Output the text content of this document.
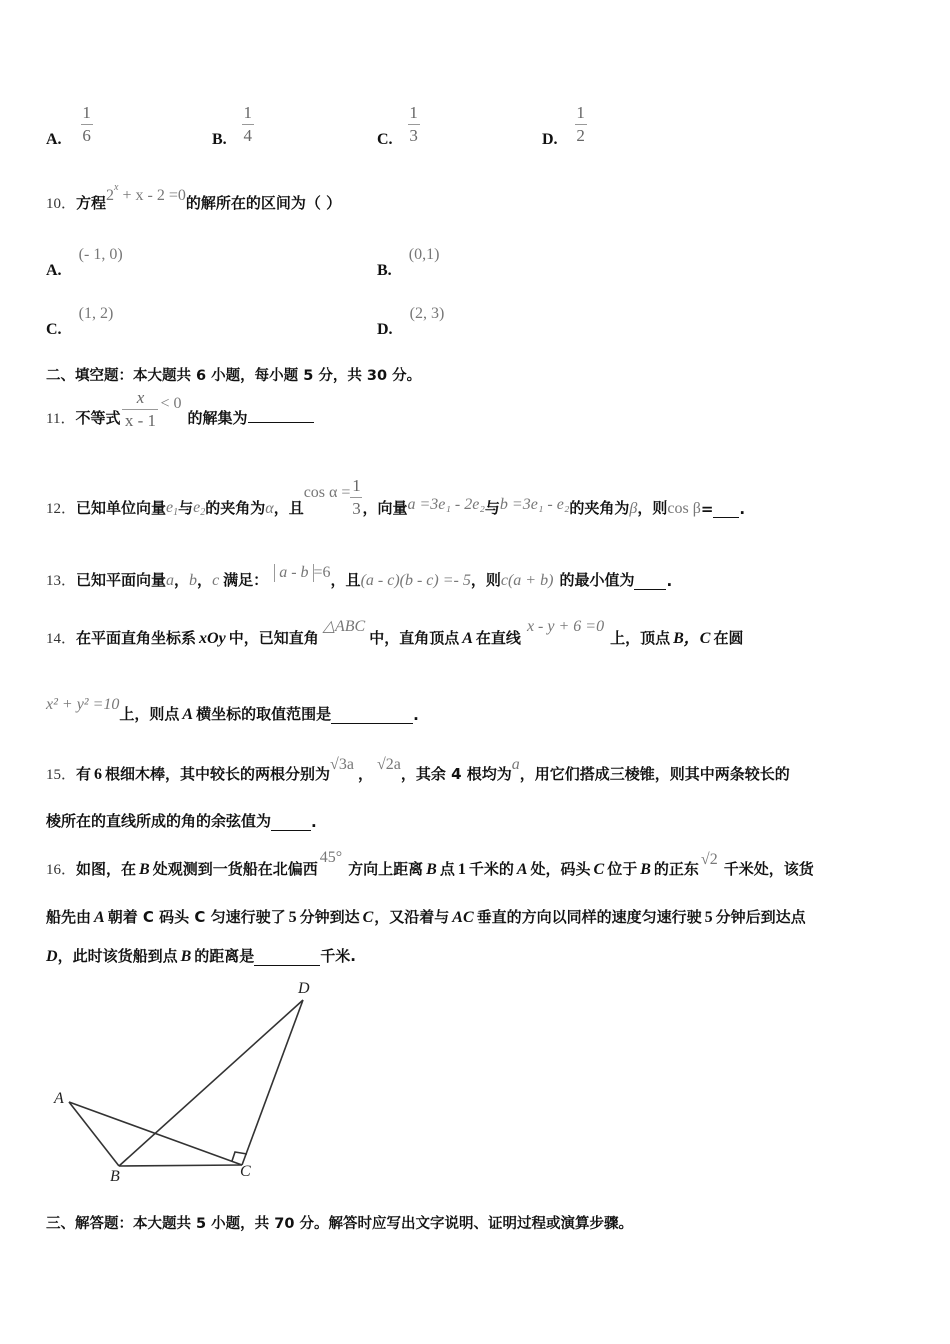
A. $\frac{1}{6}$	B. $\frac{1}{4}$	C. $\frac{1}{3}$	D. $\frac{1}{2}$
10．方程$2^x + x - 2 =0$的解所在的区间为（ ）
A. (- 1, 0)
B. (0,1)
C. (1, 2)
D. (2, 3)
二、填空题：本大题共 6 小题，每小题 5 分，共 30 分。
11． 不等式 $\frac{x}{x - 1} < 0$
的解集为
12． 已知单位向量 $e_1$ 与 $e_2$ 的夹角为 α ，且
$\cos \alpha = \frac{1}{3}$ ，向量 a =3e₁ - 2e₂ 与 b =3e₁ - e₂ 的夹角为 β ，则 cos β = .
13． 已知平面向量 a ， b ， c 满足： a - b =6 ，且 (a - c)(b - c) =- 5 ，则 c(a + b) 的最小值为 .
14． 在平面直角坐标系 xOy 中，已知直角
△ABC
中，直角顶点 A 在直线
x - y + 6 =0
上，顶点 B，C 在圆
x² + y² =10
上，则点 A 横坐标的取值范围是	.
15． 有 6 根细木棒，其中较长的两根分别为
√3a
，
√2a
，其余 4 根均为
a
，用它们搭成三棱锥，则其中两条较长的
棱所在的直线所成的角的余弦值为	.
16． 如图，在 B 处观测到一货船在北偏西
45°
方向上距离 B 点 1 千米的 A 处，码头 C 位于 B 的正东
√2
千米处，该货
船先由 A 朝着 C 码头 C 匀速行驶了 5 分钟到达 C ，又沿着与 AC 垂直的方向以同样的速度匀速行驶 5 分钟后到达点
D ，此时该货船到点 B 的距离是	千米.
A
B	C
D
三、解答题：本大题共 5 小题，共 70 分。解答时应写出文字说明、证明过程或演算步骤。
